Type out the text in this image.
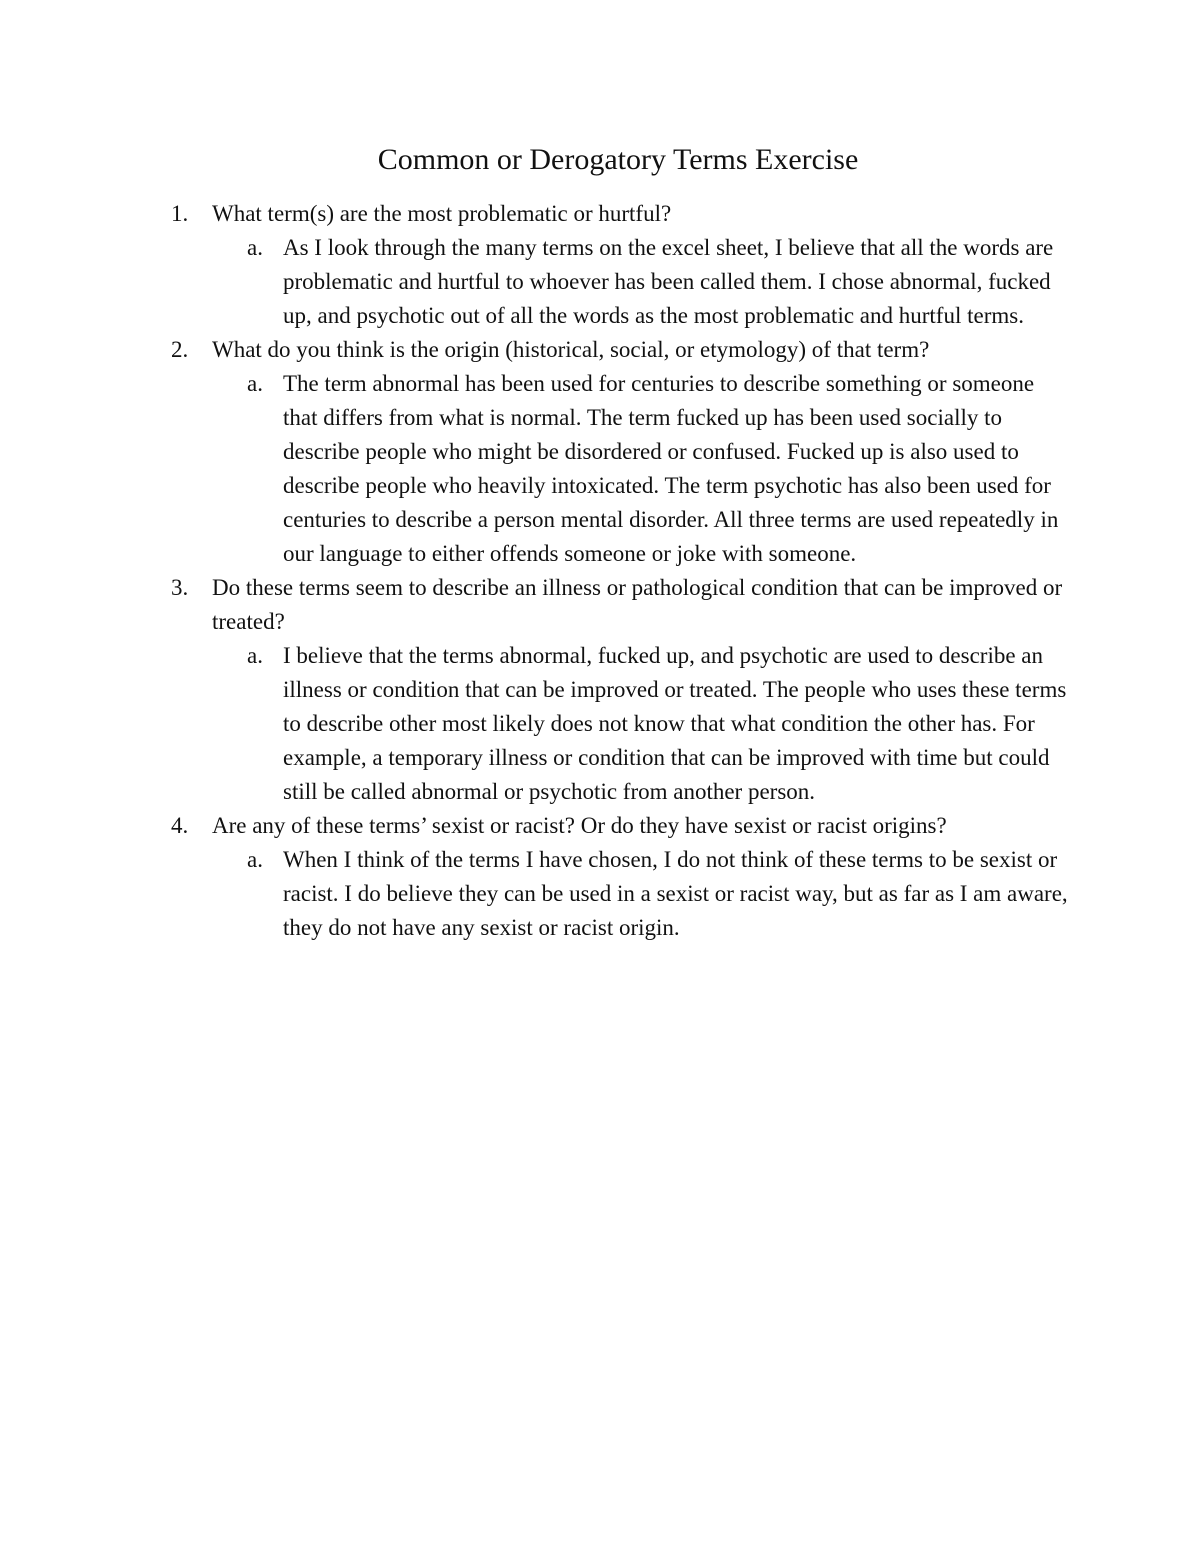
Common or Derogatory Terms Exercise
1. What term(s) are the most problematic or hurtful?
a. As I look through the many terms on the excel sheet, I believe that all the words are problematic and hurtful to whoever has been called them. I chose abnormal, fucked up, and psychotic out of all the words as the most problematic and hurtful terms.
2. What do you think is the origin (historical, social, or etymology) of that term?
a. The term abnormal has been used for centuries to describe something or someone that differs from what is normal. The term fucked up has been used socially to describe people who might be disordered or confused. Fucked up is also used to describe people who heavily intoxicated. The term psychotic has also been used for centuries to describe a person mental disorder. All three terms are used repeatedly in our language to either offends someone or joke with someone.
3. Do these terms seem to describe an illness or pathological condition that can be improved or treated?
a. I believe that the terms abnormal, fucked up, and psychotic are used to describe an illness or condition that can be improved or treated. The people who uses these terms to describe other most likely does not know that what condition the other has. For example, a temporary illness or condition that can be improved with time but could still be called abnormal or psychotic from another person.
4. Are any of these terms’ sexist or racist? Or do they have sexist or racist origins?
a. When I think of the terms I have chosen, I do not think of these terms to be sexist or racist. I do believe they can be used in a sexist or racist way, but as far as I am aware, they do not have any sexist or racist origin.
